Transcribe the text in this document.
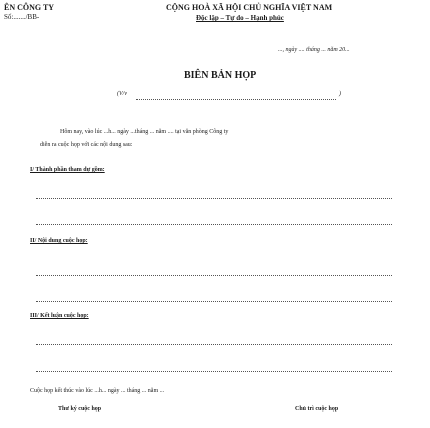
ÊN CÔNG TY
Số:......./BB-
CỘNG HOÀ XÃ HỘI CHỦ NGHĨA VIỆT NAM
Độc lập – Tự do – Hạnh phúc
..., ngày .... tháng ... năm 20...
BIÊN BẢN HỌP
(V/v	)
Hôm nay, vào lúc ...h... ngày ...tháng ... năm .... tại văn phòng Công ty
diễn ra cuộc họp với các nội dung sau:
I/ Thành phần tham dự gồm:
II/ Nội dung cuộc họp:
III/ Kết luận cuộc họp:
Cuộc họp kết thúc vào lúc ...h... ngày ... tháng ... năm ...
Thư ký cuộc họp	Chủ trì cuộc họp
